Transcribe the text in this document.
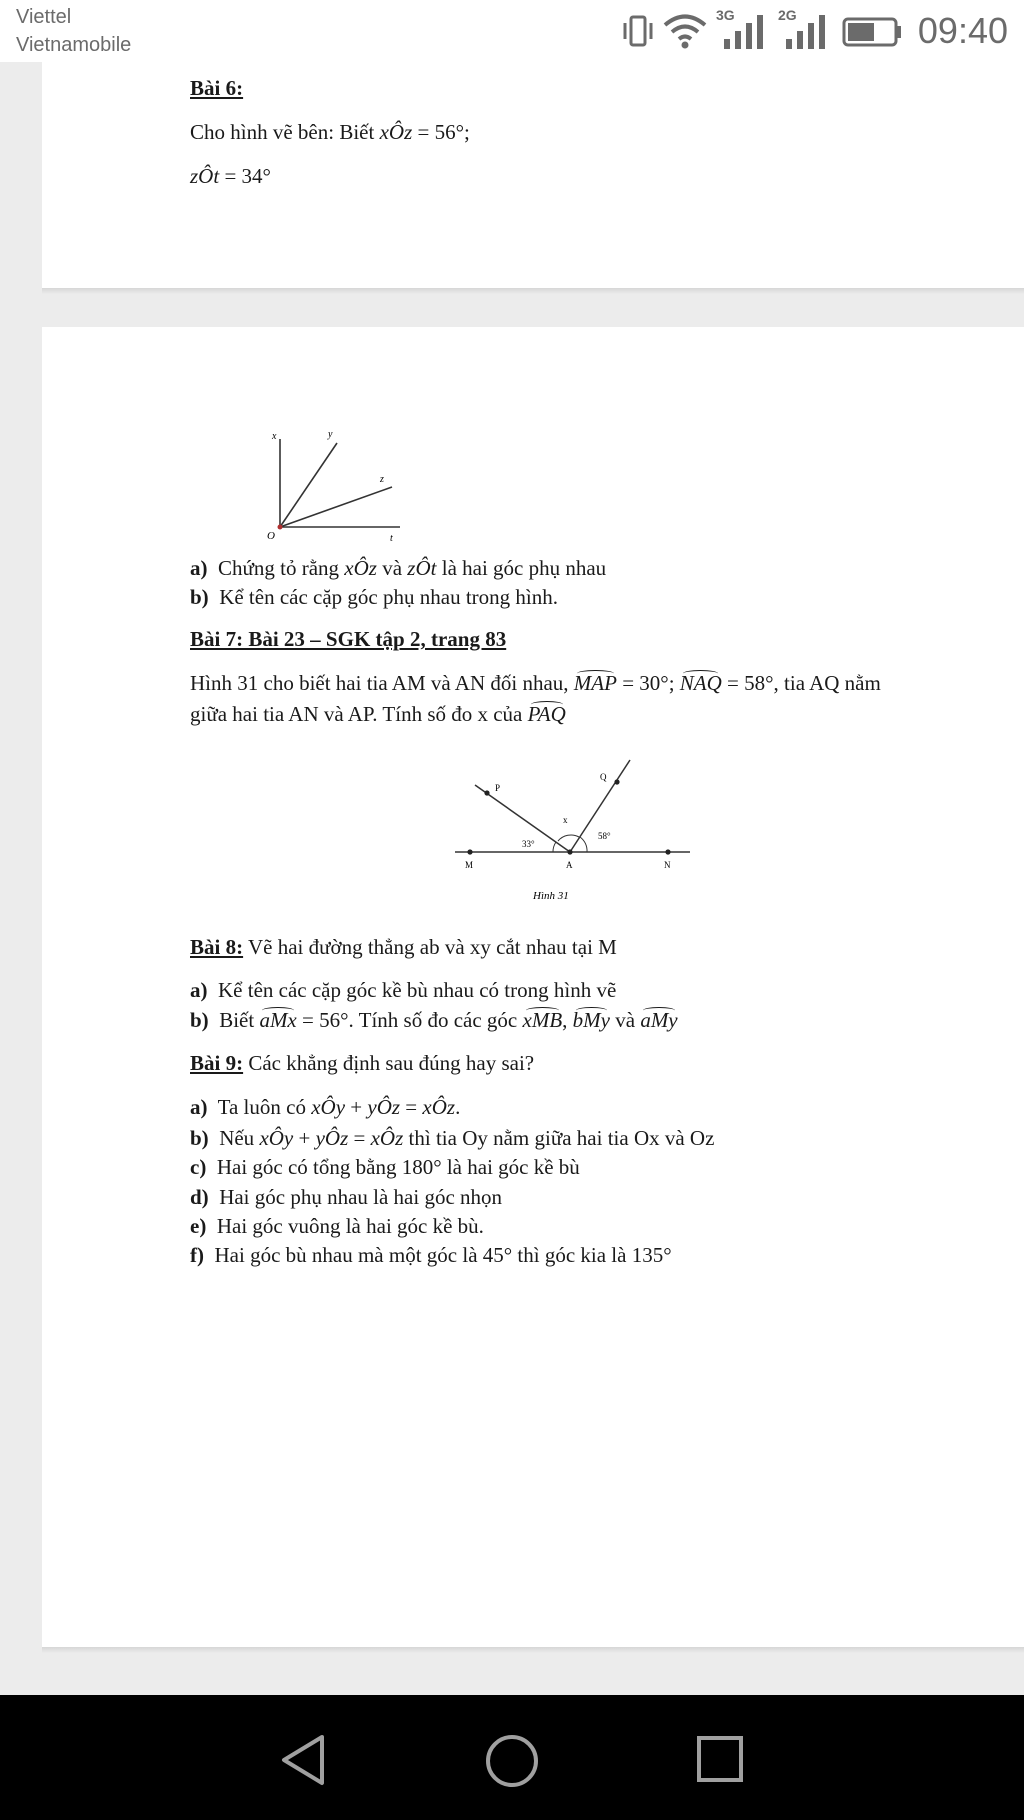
Viettel
Vietnamobile
3G	2G	09:40
Bài 6:
Cho hình vẽ bên: Biết xÔz = 56°;
zÔt = 34°
x	y
z
O	t
a) Chứng tỏ rằng xÔz và zÔt là hai góc phụ nhau
b) Kể tên các cặp góc phụ nhau trong hình.
Bài 7: Bài 23 – SGK tập 2, trang 83
Hình 31 cho biết hai tia AM và AN đối nhau, MAP = 30°; NAQ = 58°, tia AQ nằm
giữa hai tia AN và AP. Tính số đo x của PAQ
P
Q
x
33°
58°
M	A	N
Hình 31
Bài 8: Vẽ hai đường thẳng ab và xy cắt nhau tại M
a) Kể tên các cặp góc kề bù nhau có trong hình vẽ
b) Biết aMx = 56°. Tính số đo các góc xMB, bMy và aMy
Bài 9: Các khẳng định sau đúng hay sai?
a) Ta luôn có xÔy + yÔz = xÔz.
b) Nếu xÔy + yÔz = xÔz thì tia Oy nằm giữa hai tia Ox và Oz
c) Hai góc có tổng bằng 180° là hai góc kề bù
d) Hai góc phụ nhau là hai góc nhọn
e) Hai góc vuông là hai góc kề bù.
f) Hai góc bù nhau mà một góc là 45° thì góc kia là 135°
